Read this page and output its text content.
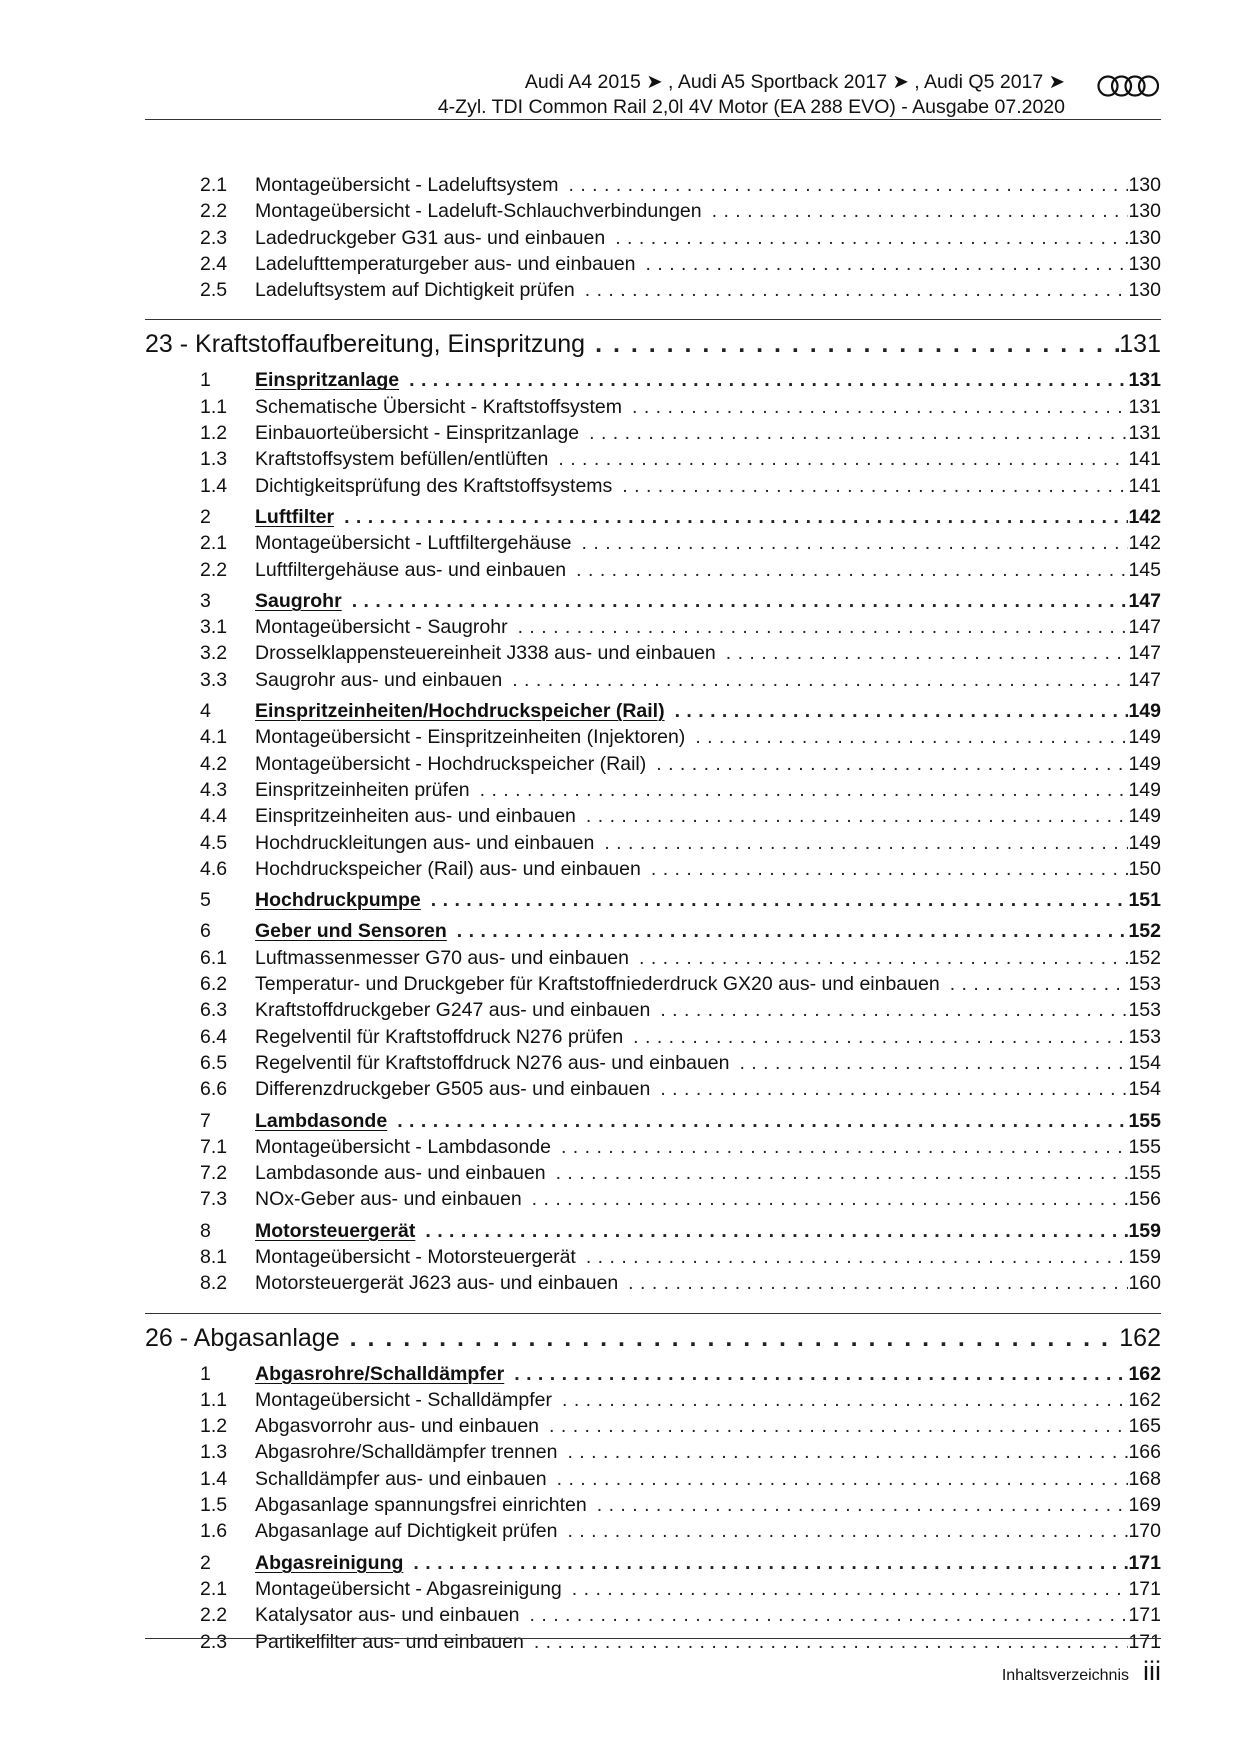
Audi A4 2015 ➤ , Audi A5 Sportback 2017 ➤ , Audi Q5 2017 ➤
4-Zyl. TDI Common Rail 2,0l 4V Motor (EA 288 EVO) - Ausgabe 07.2020
2.1	Montageübersicht - Ladeluftsystem . . .	130
2.2	Montageübersicht - Ladeluft-Schlauchverbindungen . . .	130
2.3	Ladedruckgeber G31 aus- und einbauen . . .	130
2.4	Ladelufttemperaturgeber aus- und einbauen . . .	130
2.5	Ladeluftsystem auf Dichtigkeit prüfen . . .	130
23 - Kraftstoffaufbereitung, Einspritzung . . .	131
1	Einspritzanlage . . .	131
1.1	Schematische Übersicht - Kraftstoffsystem . . .	131
1.2	Einbauorteübersicht - Einspritzanlage . . .	131
1.3	Kraftstoffsystem befüllen/entlüften . . .	141
1.4	Dichtigkeitsprüfung des Kraftstoffsystems . . .	141
2	Luftfilter . . .	142
2.1	Montageübersicht - Luftfiltergehäuse . . .	142
2.2	Luftfiltergehäuse aus- und einbauen . . .	145
3	Saugrohr . . .	147
3.1	Montageübersicht - Saugrohr . . .	147
3.2	Drosselklappensteuereinheit J338 aus- und einbauen . . .	147
3.3	Saugrohr aus- und einbauen . . .	147
4	Einspritzeinheiten/Hochdruckspeicher (Rail) . . .	149
4.1	Montageübersicht - Einspritzeinheiten (Injektoren) . . .	149
4.2	Montageübersicht - Hochdruckspeicher (Rail) . . .	149
4.3	Einspritzeinheiten prüfen . . .	149
4.4	Einspritzeinheiten aus- und einbauen . . .	149
4.5	Hochdruckleitungen aus- und einbauen . . .	149
4.6	Hochdruckspeicher (Rail) aus- und einbauen . . .	150
5	Hochdruckpumpe . . .	151
6	Geber und Sensoren . . .	152
6.1	Luftmassenmesser G70 aus- und einbauen . . .	152
6.2	Temperatur- und Druckgeber für Kraftstoffniederdruck GX20 aus- und einbauen . . .	153
6.3	Kraftstoffdruckgeber G247 aus- und einbauen . . .	153
6.4	Regelventil für Kraftstoffdruck N276 prüfen . . .	153
6.5	Regelventil für Kraftstoffdruck N276 aus- und einbauen . . .	154
6.6	Differenzdruckgeber G505 aus- und einbauen . . .	154
7	Lambdasonde . . .	155
7.1	Montageübersicht - Lambdasonde . . .	155
7.2	Lambdasonde aus- und einbauen . . .	155
7.3	NOx-Geber aus- und einbauen . . .	156
8	Motorsteuergerät . . .	159
8.1	Montageübersicht - Motorsteuergerät . . .	159
8.2	Motorsteuergerät J623 aus- und einbauen . . .	160
26 - Abgasanlage . . .	162
1	Abgasrohre/Schalldämpfer . . .	162
1.1	Montageübersicht - Schalldämpfer . . .	162
1.2	Abgasvorrohr aus- und einbauen . . .	165
1.3	Abgasrohre/Schalldämpfer trennen . . .	166
1.4	Schalldämpfer aus- und einbauen . . .	168
1.5	Abgasanlage spannungsfrei einrichten . . .	169
1.6	Abgasanlage auf Dichtigkeit prüfen . . .	170
2	Abgasreinigung . . .	171
2.1	Montageübersicht - Abgasreinigung . . .	171
2.2	Katalysator aus- und einbauen . . .	171
2.3	Partikelfilter aus- und einbauen . . .	171
Inhaltsverzeichnis iii
